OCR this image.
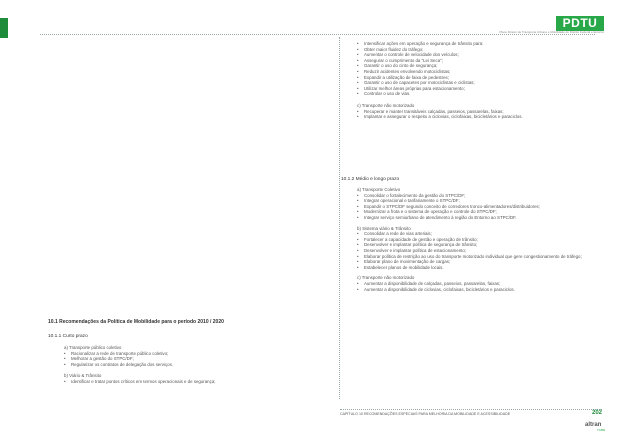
PDTU
Plano Diretor de Transporte Urbano e Mobilidade do Distrito Federal e Entorno
• Intensificar ações em operação e segurança de trânsito para:
• Obter maior fluidez do tráfego;
• Aumentar o controle de velocidade dos veículos;
• Assegurar o cumprimento da “Lei Seca”;
• Garantir o uso do cinto de segurança;
• Reduzir acidentes envolvendo motociclistas;
• Expandir a utilização de faixa de pedestres;
• Garantir o uso de capacetes por motociclistas e ciclistas;
• Utilizar melhor áreas próprias para estacionamento;
• Controlar o uso de vias.
c) Transporte não motorizado
• Recuperar e manter transitáveis calçadas, passeios, passarelas, faixas;
• Implantar e assegurar o respeito a ciclovias, ciclofaixas, bicicletários e paraciclos.
10.1.2 Médio e longo prazo
a) Transporte Coletivo
• Consolidar o fortalecimento da gestão do STPC/DF;
• Integrar operacional e tarifariamente o STPC/DF;
• Expandir o STPC/DF segundo conceito de corredores tronco-alimentadores/distribuidores;
• Modernizar a frota e o sistema de operação e controle do STPC/DF;
• Integrar serviço semiurbano de atendimento à região do Entorno ao STPC/DF.
b) Sistema viário & Trânsito
• Consolidar a rede de vias arteriais;
• Fortalecer a capacidade de gestão e operação de trânsito;
• Desenvolver e implantar política de segurança de trânsito;
• Desenvolver e implantar política de estacionamento;
• Elaborar política de restrição ao uso do transporte motorizado individual que gere congestionamento de tráfego;
• Elaborar plano de movimentação de cargas;
• Estabelecer planos de mobilidade locais.
c) Transporte não motorizado
• Aumentar a disponibilidade de calçadas, passeios, passarelas, faixas;
• Aumentar a disponibilidade de ciclovias, ciclofaixas, bicicletários e paraciclos.
10.1 Recomendações da Política de Mobilidade para o período 2010 / 2020
10.1.1 Curto prazo
a) Transporte público coletivo
• Racionalizar a rede de transporte público coletivo;
• Melhorar a gestão do STPC/DF;
• Regularizar os contratos de delegação dos serviços.
b) Viário & Trânsito
• Identificar e tratar pontos críticos em termos operacionais e de segurança;
CAPÍTULO 10 RECOMENDAÇÕES ESPECIAIS PARA MELHORIA DA MOBILIDADE E ACESSIBILIDADE	202
altran
TCBR
